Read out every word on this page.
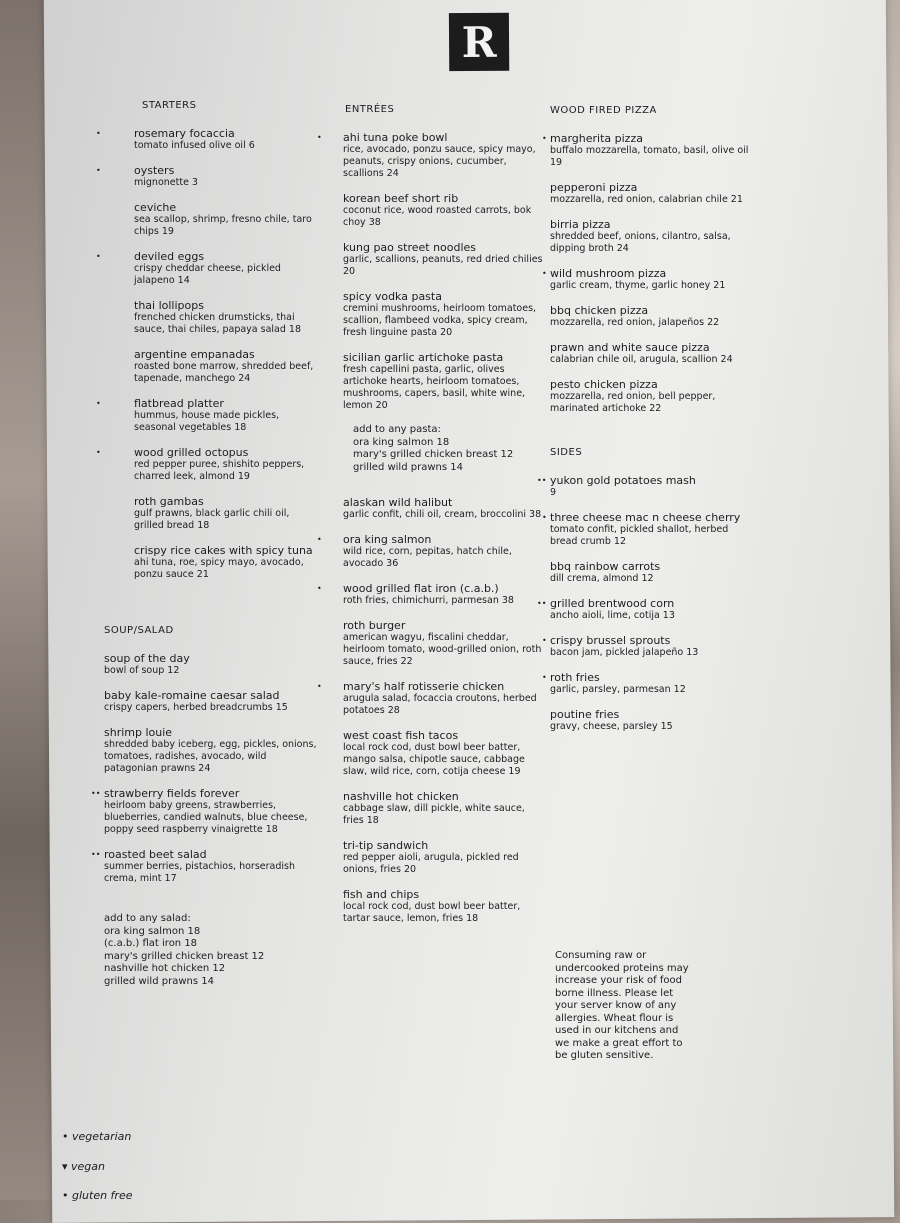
R
STARTERS
•	rosemary focaccia
tomato infused olive oil 6
•	oysters
mignonette 3
ceviche
sea scallop, shrimp, fresno chile, taro chips 19
•	deviled eggs
crispy cheddar cheese, pickled jalapeno 14
thai lollipops
frenched chicken drumsticks, thai sauce, thai chiles, papaya salad 18
argentine empanadas
roasted bone marrow, shredded beef, tapenade, manchego 24
•	flatbread platter
hummus, house made pickles, seasonal vegetables 18
•	wood grilled octopus
red pepper puree, shishito peppers, charred leek, almond 19
roth gambas
gulf prawns, black garlic chili oil, grilled bread 18
crispy rice cakes with spicy tuna
ahi tuna, roe, spicy mayo, avocado, ponzu sauce 21
SOUP/SALAD
soup of the day
bowl of soup 12
baby kale-romaine caesar salad
crispy capers, herbed breadcrumbs 15
shrimp louie
shredded baby iceberg, egg, pickles, onions, tomatoes, radishes, avocado, wild patagonian prawns 24
•• strawberry fields forever
heirloom baby greens, strawberries, blueberries, candied walnuts, blue cheese, poppy seed raspberry vinaigrette 18
•• roasted beet salad
summer berries, pistachios, horseradish crema, mint 17
add to any salad:
ora king salmon 18
(c.a.b.) flat iron 18
mary's grilled chicken breast 12
nashville hot chicken 12
grilled wild prawns 14
ENTRÉES
• ahi tuna poke bowl
rice, avocado, ponzu sauce, spicy mayo, peanuts, crispy onions, cucumber, scallions 24
korean beef short rib
coconut rice, wood roasted carrots, bok choy 38
kung pao street noodles
garlic, scallions, peanuts, red dried chilies 20
spicy vodka pasta
cremini mushrooms, heirloom tomatoes, scallion, flambeed vodka, spicy cream, fresh linguine pasta 20
sicilian garlic artichoke pasta
fresh capellini pasta, garlic, olives artichoke hearts, heirloom tomatoes, mushrooms, capers, basil, white wine, lemon 20
add to any pasta:
ora king salmon 18
mary's grilled chicken breast 12
grilled wild prawns 14
alaskan wild halibut
garlic confit, chili oil, cream, broccolini 38
• ora king salmon
wild rice, corn, pepitas, hatch chile, avocado 36
• wood grilled flat iron (c.a.b.)
roth fries, chimichurri, parmesan 38
roth burger
american wagyu, fiscalini cheddar, heirloom tomato, wood-grilled onion, roth sauce, fries 22
• mary's half rotisserie chicken
arugula salad, focaccia croutons, herbed potatoes 28
west coast fish tacos
local rock cod, dust bowl beer batter, mango salsa, chipotle sauce, cabbage slaw, wild rice, corn, cotija cheese 19
nashville hot chicken
cabbage slaw, dill pickle, white sauce, fries 18
tri-tip sandwich
red pepper aioli, arugula, pickled red onions, fries 20
fish and chips
local rock cod, dust bowl beer batter, tartar sauce, lemon, fries 18
WOOD FIRED PIZZA
• margherita pizza
buffalo mozzarella, tomato, basil, olive oil 19
pepperoni pizza
mozzarella, red onion, calabrian chile 21
birria pizza
shredded beef, onions, cilantro, salsa, dipping broth 24
• wild mushroom pizza
garlic cream, thyme, garlic honey 21
bbq chicken pizza
mozzarella, red onion, jalapeños 22
prawn and white sauce pizza
calabrian chile oil, arugula, scallion 24
pesto chicken pizza
mozzarella, red onion, bell pepper, marinated artichoke 22
SIDES
•• yukon gold potatoes mash
9
• three cheese mac n cheese cherry
tomato confit, pickled shallot, herbed bread crumb 12
bbq rainbow carrots
dill crema, almond 12
•• grilled brentwood corn
ancho aioli, lime, cotija 13
• crispy brussel sprouts
bacon jam, pickled jalapeño 13
• roth fries
garlic, parsley, parmesan 12
poutine fries
gravy, cheese, parsley 15
Consuming raw or undercooked proteins may increase your risk of food borne illness. Please let your server know of any allergies. Wheat flour is used in our kitchens and we make a great effort to be gluten sensitive.
• vegetarian
▾ vegan
• gluten free
